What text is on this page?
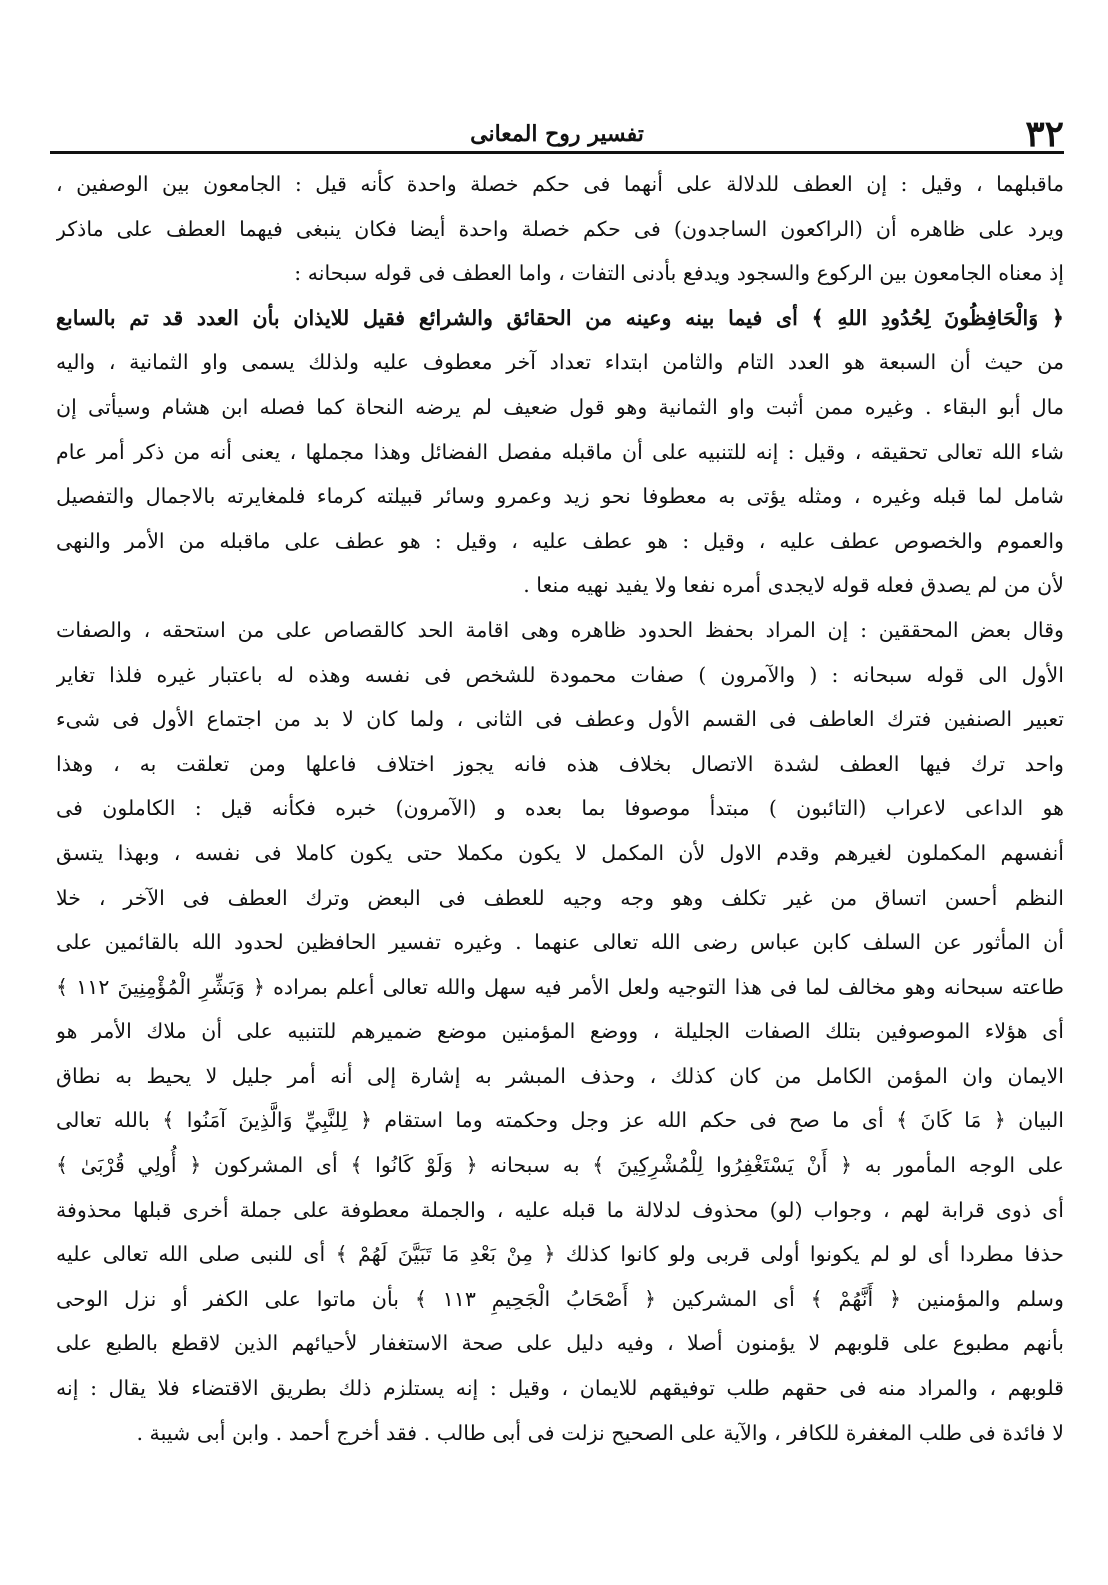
٣٢
تفسير روح المعانى
ماقبلهما ، وقيل : إن العطف للدلالة على أنهما فى حكم خصلة واحدة كأنه قيل : الجامعون بين الوصفين ،
ويرد على ظاهره أن (الراكعون الساجدون) فى حكم خصلة واحدة أيضا فكان ينبغى فيهما العطف على ماذكر
إذ معناه الجامعون بين الركوع والسجود ويدفع بأدنى التفات ، واما العطف فى قوله سبحانه :
﴿ وَالْحَافِظُونَ لِحُدُودِ اللهِ ﴾ أى فيما بينه وعينه من الحقائق والشرائع فقيل للايذان بأن العدد قد تم بالسابع
من حيث أن السبعة هو العدد التام والثامن ابتداء تعداد آخر معطوف عليه ولذلك يسمى واو الثمانية ، واليه
مال أبو البقاء . وغيره ممن أثبت واو الثمانية وهو قول ضعيف لم يرضه النحاة كما فصله ابن هشام وسيأتى إن
شاء الله تعالى تحقيقه ، وقيل : إنه للتنبيه على أن ماقبله مفصل الفضائل وهذا مجملها ، يعنى أنه من ذكر أمر عام
شامل لما قبله وغيره ، ومثله يؤتى به معطوفا نحو زيد وعمرو وسائر قبيلته كرماء فلمغايرته بالاجمال والتفصيل
والعموم والخصوص عطف عليه ، وقيل : هو عطف عليه ، وقيل : هو عطف على ماقبله من الأمر والنهى
لأن من لم يصدق فعله قوله لايجدى أمره نفعا ولا يفيد نهيه منعا .
وقال بعض المحققين : إن المراد بحفظ الحدود ظاهره وهى اقامة الحد كالقصاص على من استحقه ، والصفات
الأول الى قوله سبحانه : ( والآمرون ) صفات محمودة للشخص فى نفسه وهذه له باعتبار غيره فلذا تغاير
تعبير الصنفين فترك العاطف فى القسم الأول وعطف فى الثانى ، ولما كان لا بد من اجتماع الأول فى شىء
واحد ترك فيها العطف لشدة الاتصال بخلاف هذه فانه يجوز اختلاف فاعلها ومن تعلقت به ، وهذا
هو الداعى لاعراب (التائبون ) مبتدأ موصوفا بما بعده و (الآمرون) خبره فكأنه قيل : الكاملون فى
أنفسهم المكملون لغيرهم وقدم الاول لأن المكمل لا يكون مكملا حتى يكون كاملا فى نفسه ، وبهذا يتسق
النظم أحسن اتساق من غير تكلف وهو وجه وجيه للعطف فى البعض وترك العطف فى الآخر ، خلا
أن المأثور عن السلف كابن عباس رضى الله تعالى عنهما . وغيره تفسير الحافظين لحدود الله بالقائمين على
طاعته سبحانه وهو مخالف لما فى هذا التوجيه ولعل الأمر فيه سهل والله تعالى أعلم بمراده ﴿ وَبَشِّرِ الْمُؤْمِنِينَ ١١٢ ﴾
أى هؤلاء الموصوفين بتلك الصفات الجليلة ، ووضع المؤمنين موضع ضميرهم للتنبيه على أن ملاك الأمر هو
الايمان وان المؤمن الكامل من كان كذلك ، وحذف المبشر به إشارة إلى أنه أمر جليل لا يحيط به نطاق
البيان ﴿ مَا كَانَ ﴾ أى ما صح فى حكم الله عز وجل وحكمته وما استقام ﴿ لِلنَّبِيِّ وَالَّذِينَ آمَنُوا ﴾ بالله تعالى
على الوجه المأمور به ﴿ أَنْ يَسْتَغْفِرُوا لِلْمُشْرِكِينَ ﴾ به سبحانه ﴿ وَلَوْ كَانُوا ﴾ أى المشركون ﴿ أُولِي قُرْبَىٰ ﴾
أى ذوى قرابة لهم ، وجواب (لو) محذوف لدلالة ما قبله عليه ، والجملة معطوفة على جملة أخرى قبلها محذوفة
حذفا مطردا أى لو لم يكونوا أولى قربى ولو كانوا كذلك ﴿ مِنْ بَعْدِ مَا تَبَيَّنَ لَهُمْ ﴾ أى للنبى صلى الله تعالى عليه
وسلم والمؤمنين ﴿ أَنَّهُمْ ﴾ أى المشركين ﴿ أَصْحَابُ الْجَحِيمِ ١١٣ ﴾ بأن ماتوا على الكفر أو نزل الوحى
بأنهم مطبوع على قلوبهم لا يؤمنون أصلا ، وفيه دليل على صحة الاستغفار لأحيائهم الذين لاقطع بالطبع على
قلوبهم ، والمراد منه فى حقهم طلب توفيقهم للايمان ، وقيل : إنه يستلزم ذلك بطريق الاقتضاء فلا يقال : إنه
لا فائدة فى طلب المغفرة للكافر ، والآية على الصحيح نزلت فى أبى طالب . فقد أخرج أحمد . وابن أبى شيبة .
